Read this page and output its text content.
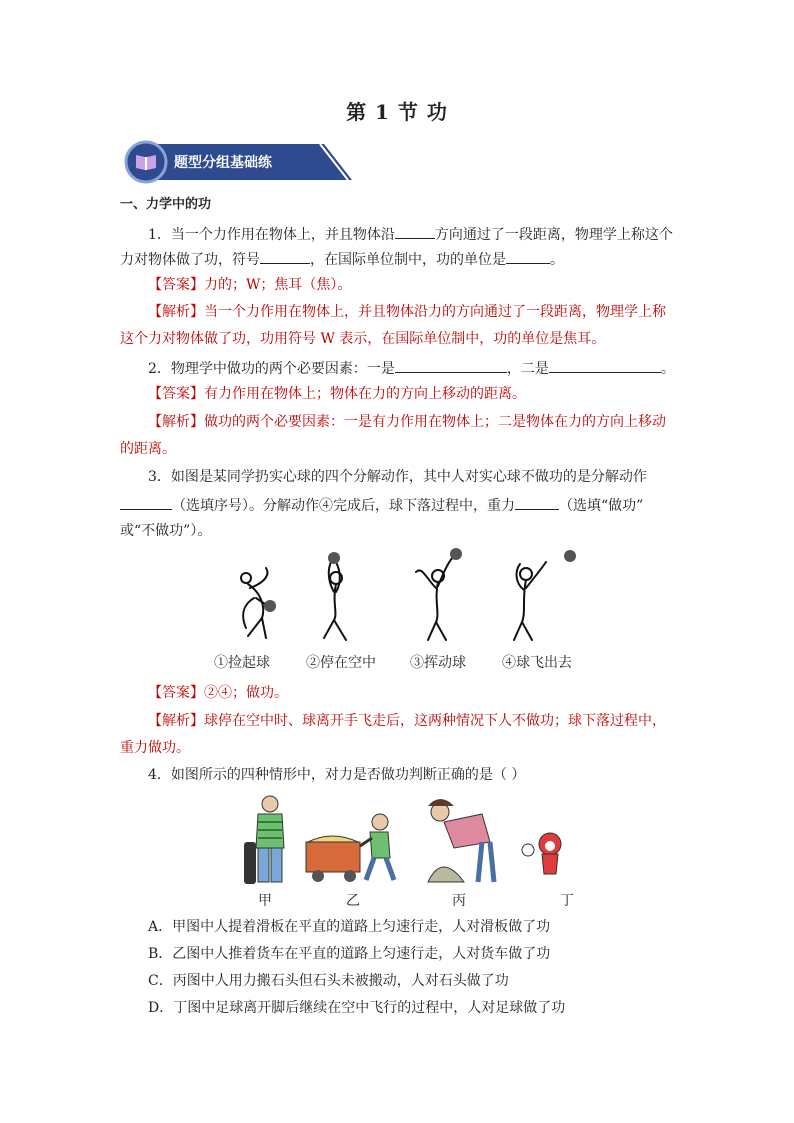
第 1 节 功
题型分组基础练
一、力学中的功
1．当一个力作用在物体上，并且物体沿	方向通过了一段距离，物理学上称这个
力对物体做了功，符号	，在国际单位制中，功的单位是	。
【答案】力的；W；焦耳（焦）。
【解析】当一个力作用在物体上，并且物体沿力的方向通过了一段距离，物理学上称
这个力对物体做了功，功用符号 W 表示，在国际单位制中，功的单位是焦耳。
2．物理学中做功的两个必要因素：一是	，二是	。
【答案】有力作用在物体上；物体在力的方向上移动的距离。
【解析】做功的两个必要因素：一是有力作用在物体上；二是物体在力的方向上移动
的距离。
3．如图是某同学扔实心球的四个分解动作，其中人对实心球不做功的是分解动作
（选填序号）。分解动作④完成后，球下落过程中，重力	（选填“做功”
或“不做功”）。
①捡起球	②停在空中 ③挥动球	④球飞出去
【答案】②④；做功。
【解析】球停在空中时、球离开手飞走后，这两种情况下人不做功；球下落过程中，
重力做功。
4．如图所示的四种情形中，对力是否做功判断正确的是（ ）
甲	乙	丙	丁
A．甲图中人提着滑板在平直的道路上匀速行走，人对滑板做了功
B．乙图中人推着货车在平直的道路上匀速行走，人对货车做了功
C．丙图中人用力搬石头但石头未被搬动，人对石头做了功
D．丁图中足球离开脚后继续在空中飞行的过程中，人对足球做了功
